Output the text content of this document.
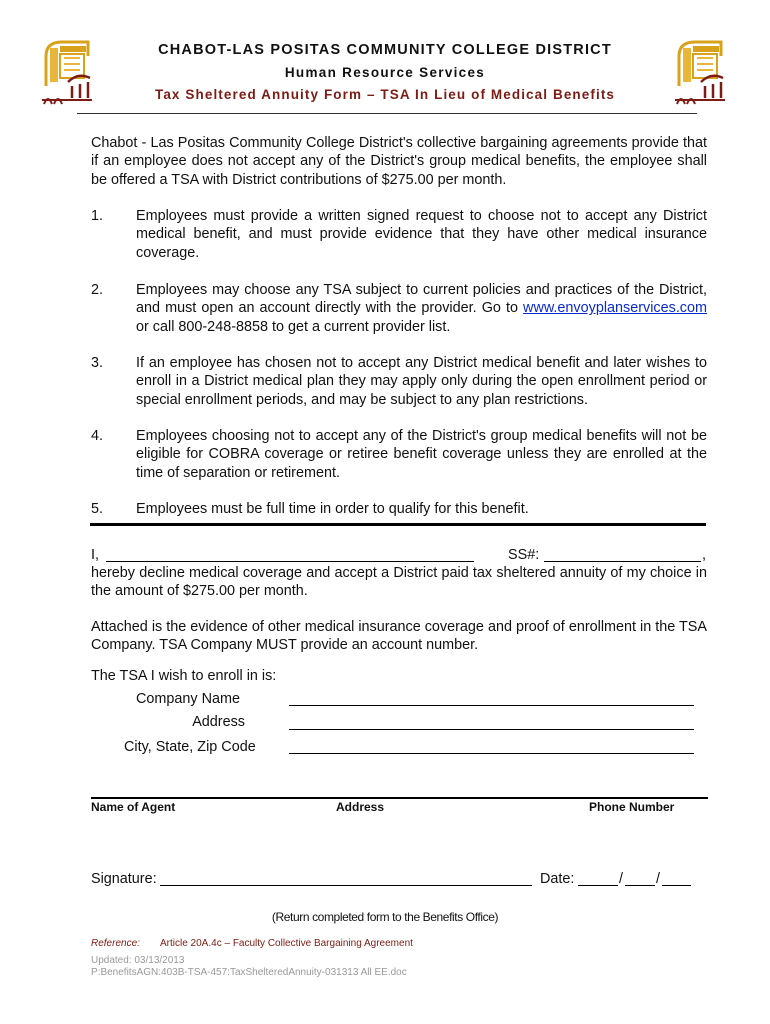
CHABOT-LAS POSITAS COMMUNITY COLLEGE DISTRICT
Human Resource Services
Tax Sheltered Annuity Form – TSA In Lieu of Medical Benefits
Chabot - Las Positas Community College District's collective bargaining agreements provide that if an employee does not accept any of the District's group medical benefits, the employee shall be offered a TSA with District contributions of $275.00 per month.
1. Employees must provide a written signed request to choose not to accept any District medical benefit, and must provide evidence that they have other medical insurance coverage.
2. Employees may choose any TSA subject to current policies and practices of the District, and must open an account directly with the provider. Go to www.envoyplanservices.com or call 800-248-8858 to get a current provider list.
3. If an employee has chosen not to accept any District medical benefit and later wishes to enroll in a District medical plan they may apply only during the open enrollment period or special enrollment periods, and may be subject to any plan restrictions.
4. Employees choosing not to accept any of the District's group medical benefits will not be eligible for COBRA coverage or retiree benefit coverage unless they are enrolled at the time of separation or retirement.
5. Employees must be full time in order to qualify for this benefit.
I,	SS#:	,
hereby decline medical coverage and accept a District paid tax sheltered annuity of my choice in the amount of $275.00 per month.
Attached is the evidence of other medical insurance coverage and proof of enrollment in the TSA Company. TSA Company MUST provide an account number.
The TSA I wish to enroll in is:
Company Name
Address
City, State, Zip Code
Name of Agent	Address	Phone Number
Signature:	Date:	/ /
(Return completed form to the Benefits Office)
Reference: Article 20A.4c – Faculty Collective Bargaining Agreement
Updated: 03/13/2013
P:BenefitsAGN:403B-TSA-457:TaxShelteredAnnuity-031313 All EE.doc
